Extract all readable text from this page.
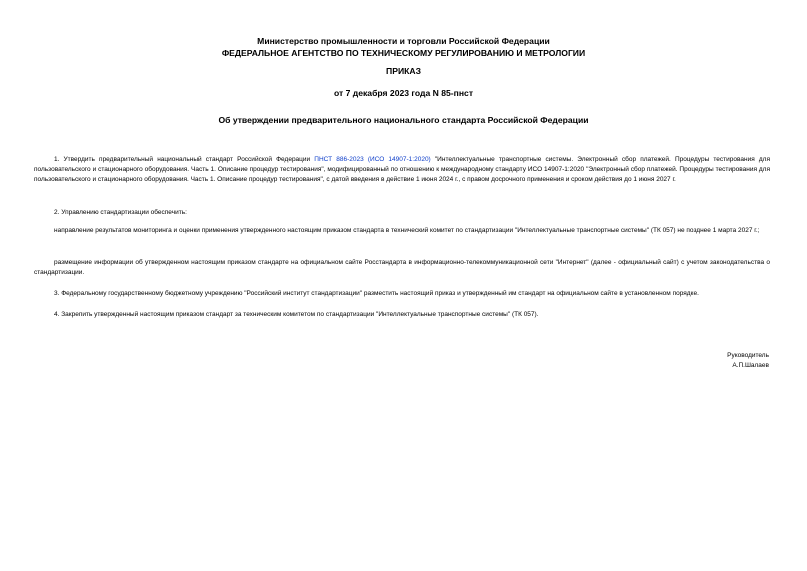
Министерство промышленности и торговли Российской Федерации
ФЕДЕРАЛЬНОЕ АГЕНТСТВО ПО ТЕХНИЧЕСКОМУ РЕГУЛИРОВАНИЮ И МЕТРОЛОГИИ
ПРИКАЗ
от 7 декабря 2023 года N 85-пнст
Об утверждении предварительного национального стандарта Российской Федерации

1. Утвердить предварительный национальный стандарт Российской Федерации ПНСТ 886-2023 (ИСО 14907-1:2020) "Интеллектуальные транспортные системы. Электронный сбор платежей. Процедуры тестирования для пользовательского и стационарного оборудования. Часть 1. Описание процедур тестирования", модифицированный по отношению к международному стандарту ИСО 14907-1:2020 "Электронный сбор платежей. Процедуры тестирования для пользовательского и стационарного оборудования. Часть 1. Описание процедур тестирования", с датой введения в действие 1 июня 2024 г., с правом досрочного применения и сроком действия до 1 июня 2027 г.

2. Управлению стандартизации обеспечить:

направление результатов мониторинга и оценки применения утвержденного настоящим приказом стандарта в технический комитет по стандартизации "Интеллектуальные транспортные системы" (ТК 057) не позднее 1 марта 2027 г.;

размещение информации об утвержденном настоящим приказом стандарте на официальном сайте Росстандарта в информационно-телекоммуникационной сети "Интернет" (далее - официальный сайт) с учетом законодательства о стандартизации.

3. Федеральному государственному бюджетному учреждению "Российский институт стандартизации" разместить настоящий приказ и утвержденный им стандарт на официальном сайте в установленном порядке.

4. Закрепить утвержденный настоящим приказом стандарт за техническим комитетом по стандартизации "Интеллектуальные транспортные системы" (ТК 057).

Руководитель
А.П.Шалаев
